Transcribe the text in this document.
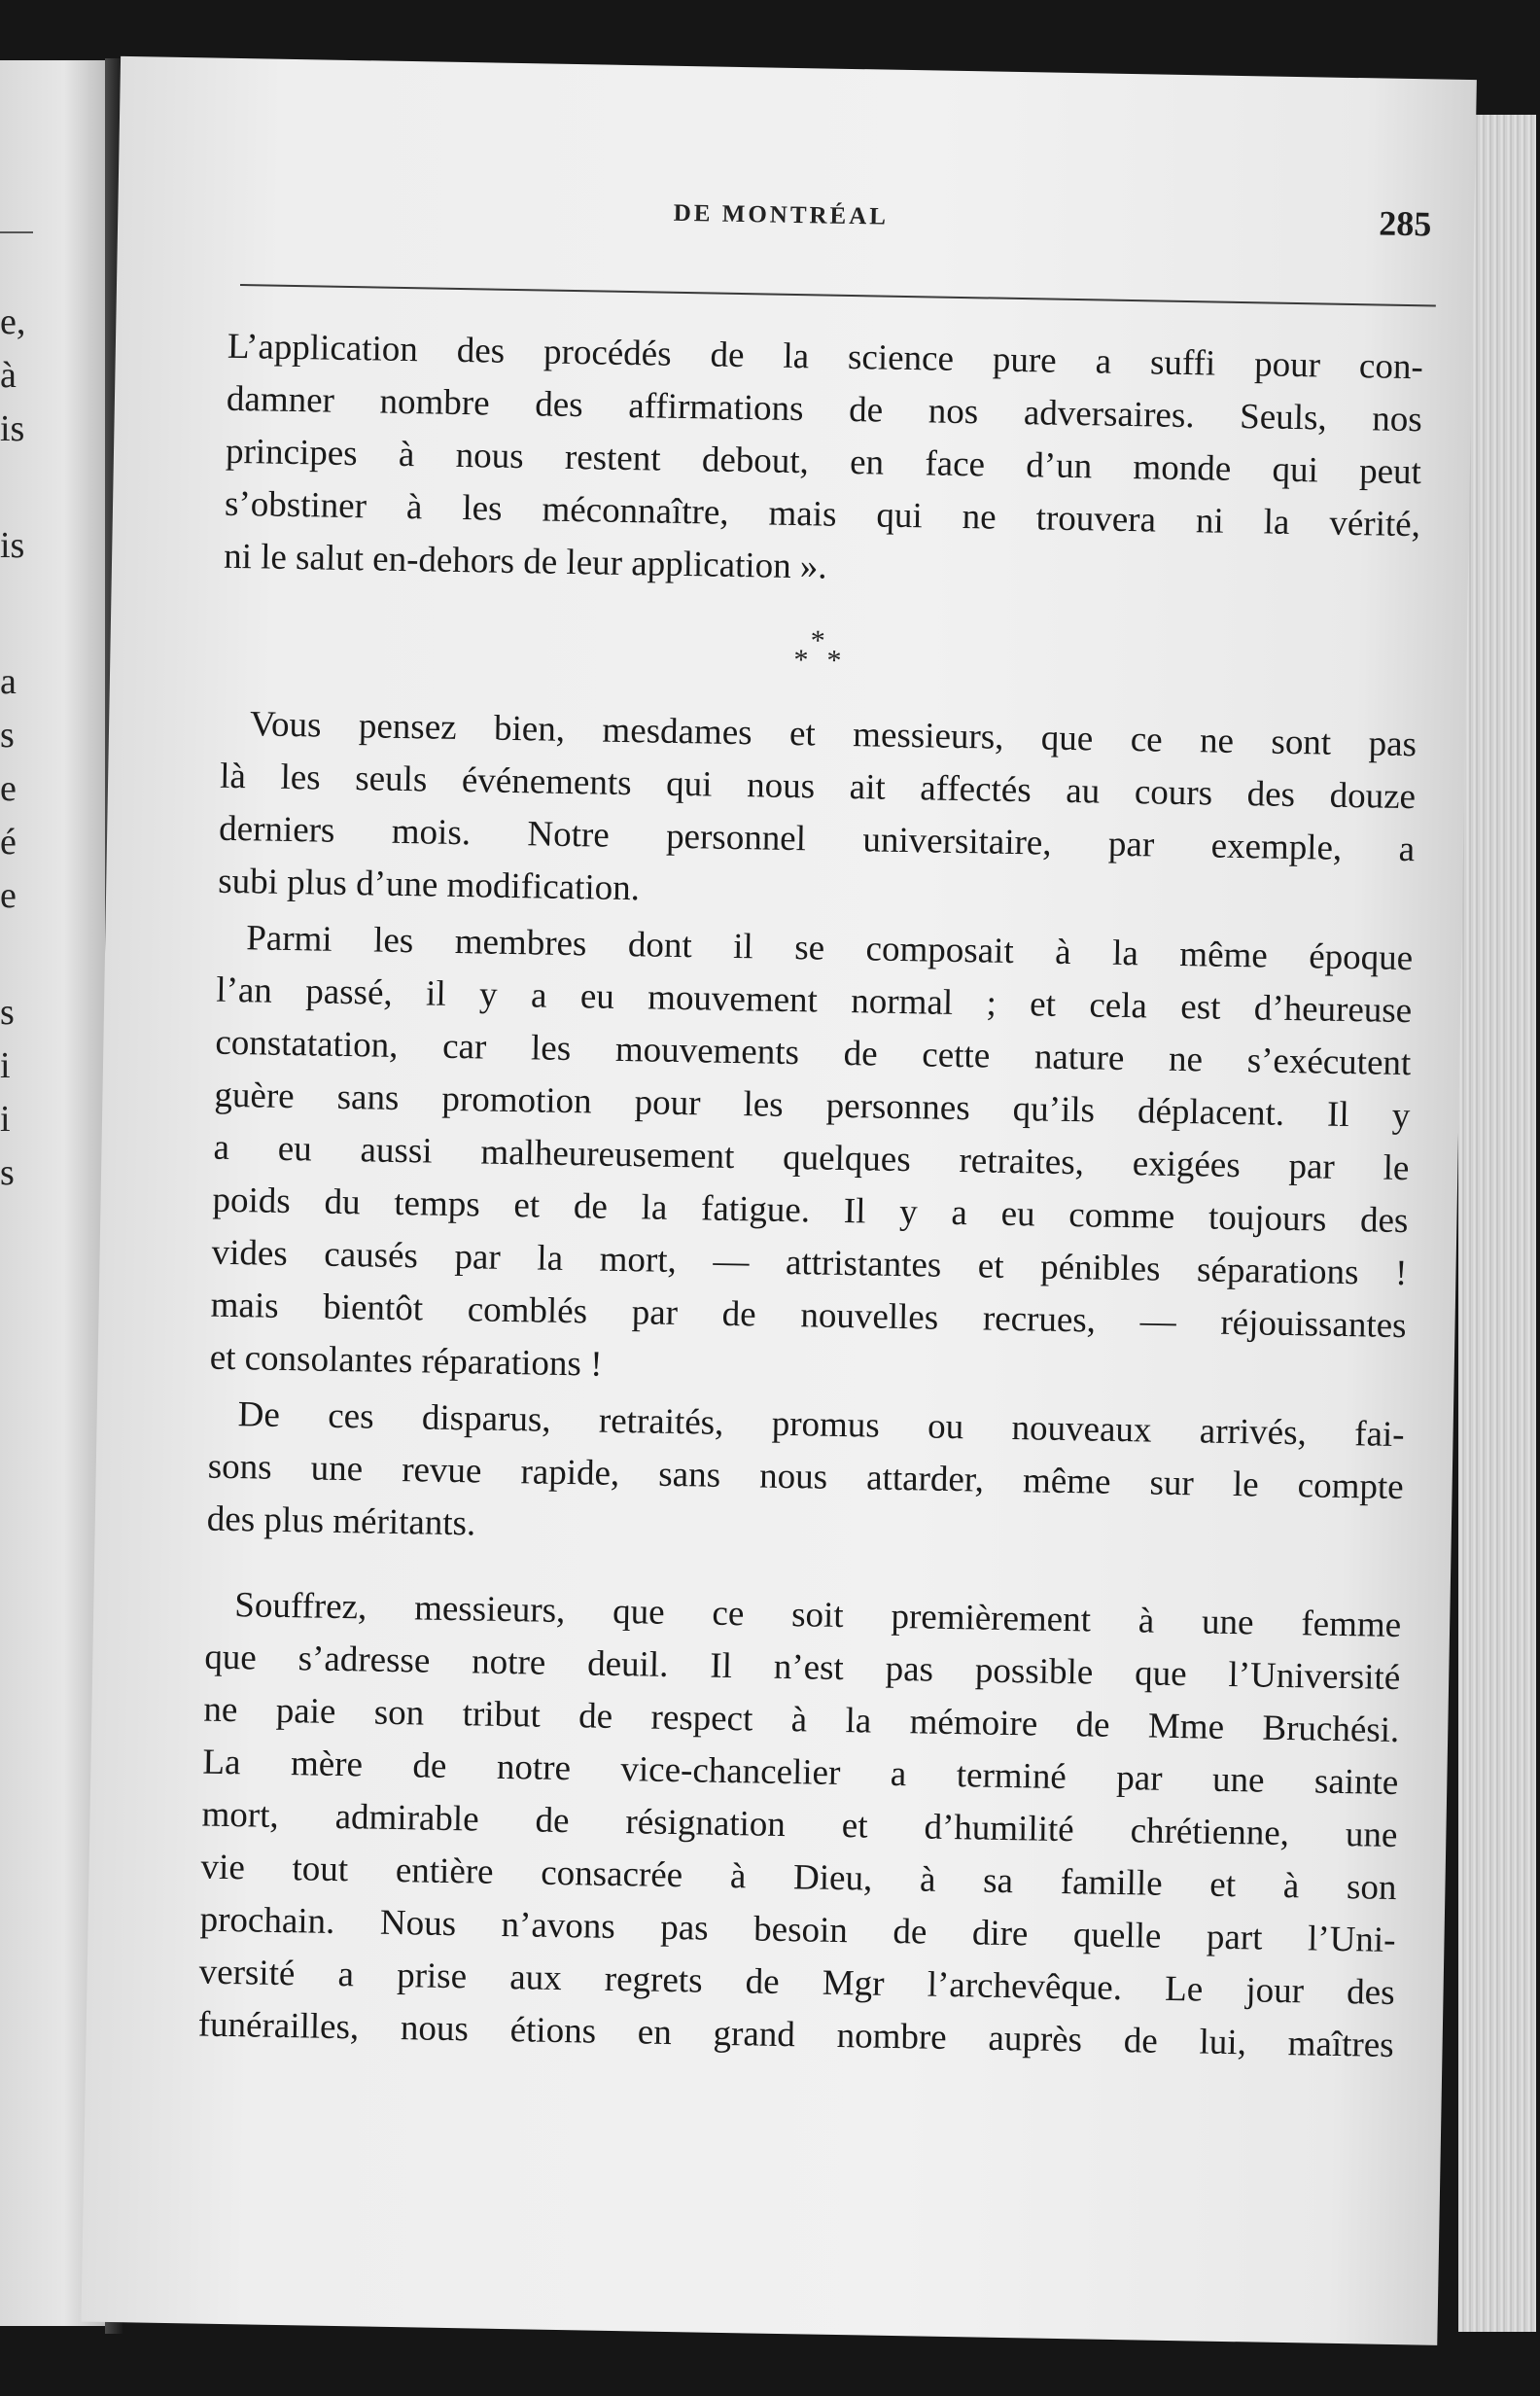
e,
à
is
is
a
s
e
é
e
s
i
i
s
DE MONTRÉAL	285
L’application des procédés de la science pure a suffi pour con-
damner nombre des affirmations de nos adversaires. Seuls, nos
principes à nous restent debout, en face d’un monde qui peut
s’obstiner à les méconnaître, mais qui ne trouvera ni la vérité,
ni le salut en-dehors de leur application ».
*
* *
Vous pensez bien, mesdames et messieurs, que ce ne sont pas
là les seuls événements qui nous ait affectés au cours des douze
derniers mois. Notre personnel universitaire, par exemple, a
subi plus d’une modification.
Parmi les membres dont il se composait à la même époque
l’an passé, il y a eu mouvement normal ; et cela est d’heureuse
constatation, car les mouvements de cette nature ne s’exécutent
guère sans promotion pour les personnes qu’ils déplacent. Il y
a eu aussi malheureusement quelques retraites, exigées par le
poids du temps et de la fatigue. Il y a eu comme toujours des
vides causés par la mort, — attristantes et pénibles séparations !
mais bientôt comblés par de nouvelles recrues, — réjouissantes
et consolantes réparations !
De ces disparus, retraités, promus ou nouveaux arrivés, fai-
sons une revue rapide, sans nous attarder, même sur le compte
des plus méritants.
Souffrez, messieurs, que ce soit premièrement à une femme
que s’adresse notre deuil. Il n’est pas possible que l’Université
ne paie son tribut de respect à la mémoire de Mme Bruchési.
La mère de notre vice-chancelier a terminé par une sainte
mort, admirable de résignation et d’humilité chrétienne, une
vie tout entière consacrée à Dieu, à sa famille et à son
prochain. Nous n’avons pas besoin de dire quelle part l’Uni-
versité a prise aux regrets de Mgr l’archevêque. Le jour des
funérailles, nous étions en grand nombre auprès de lui, maîtres
